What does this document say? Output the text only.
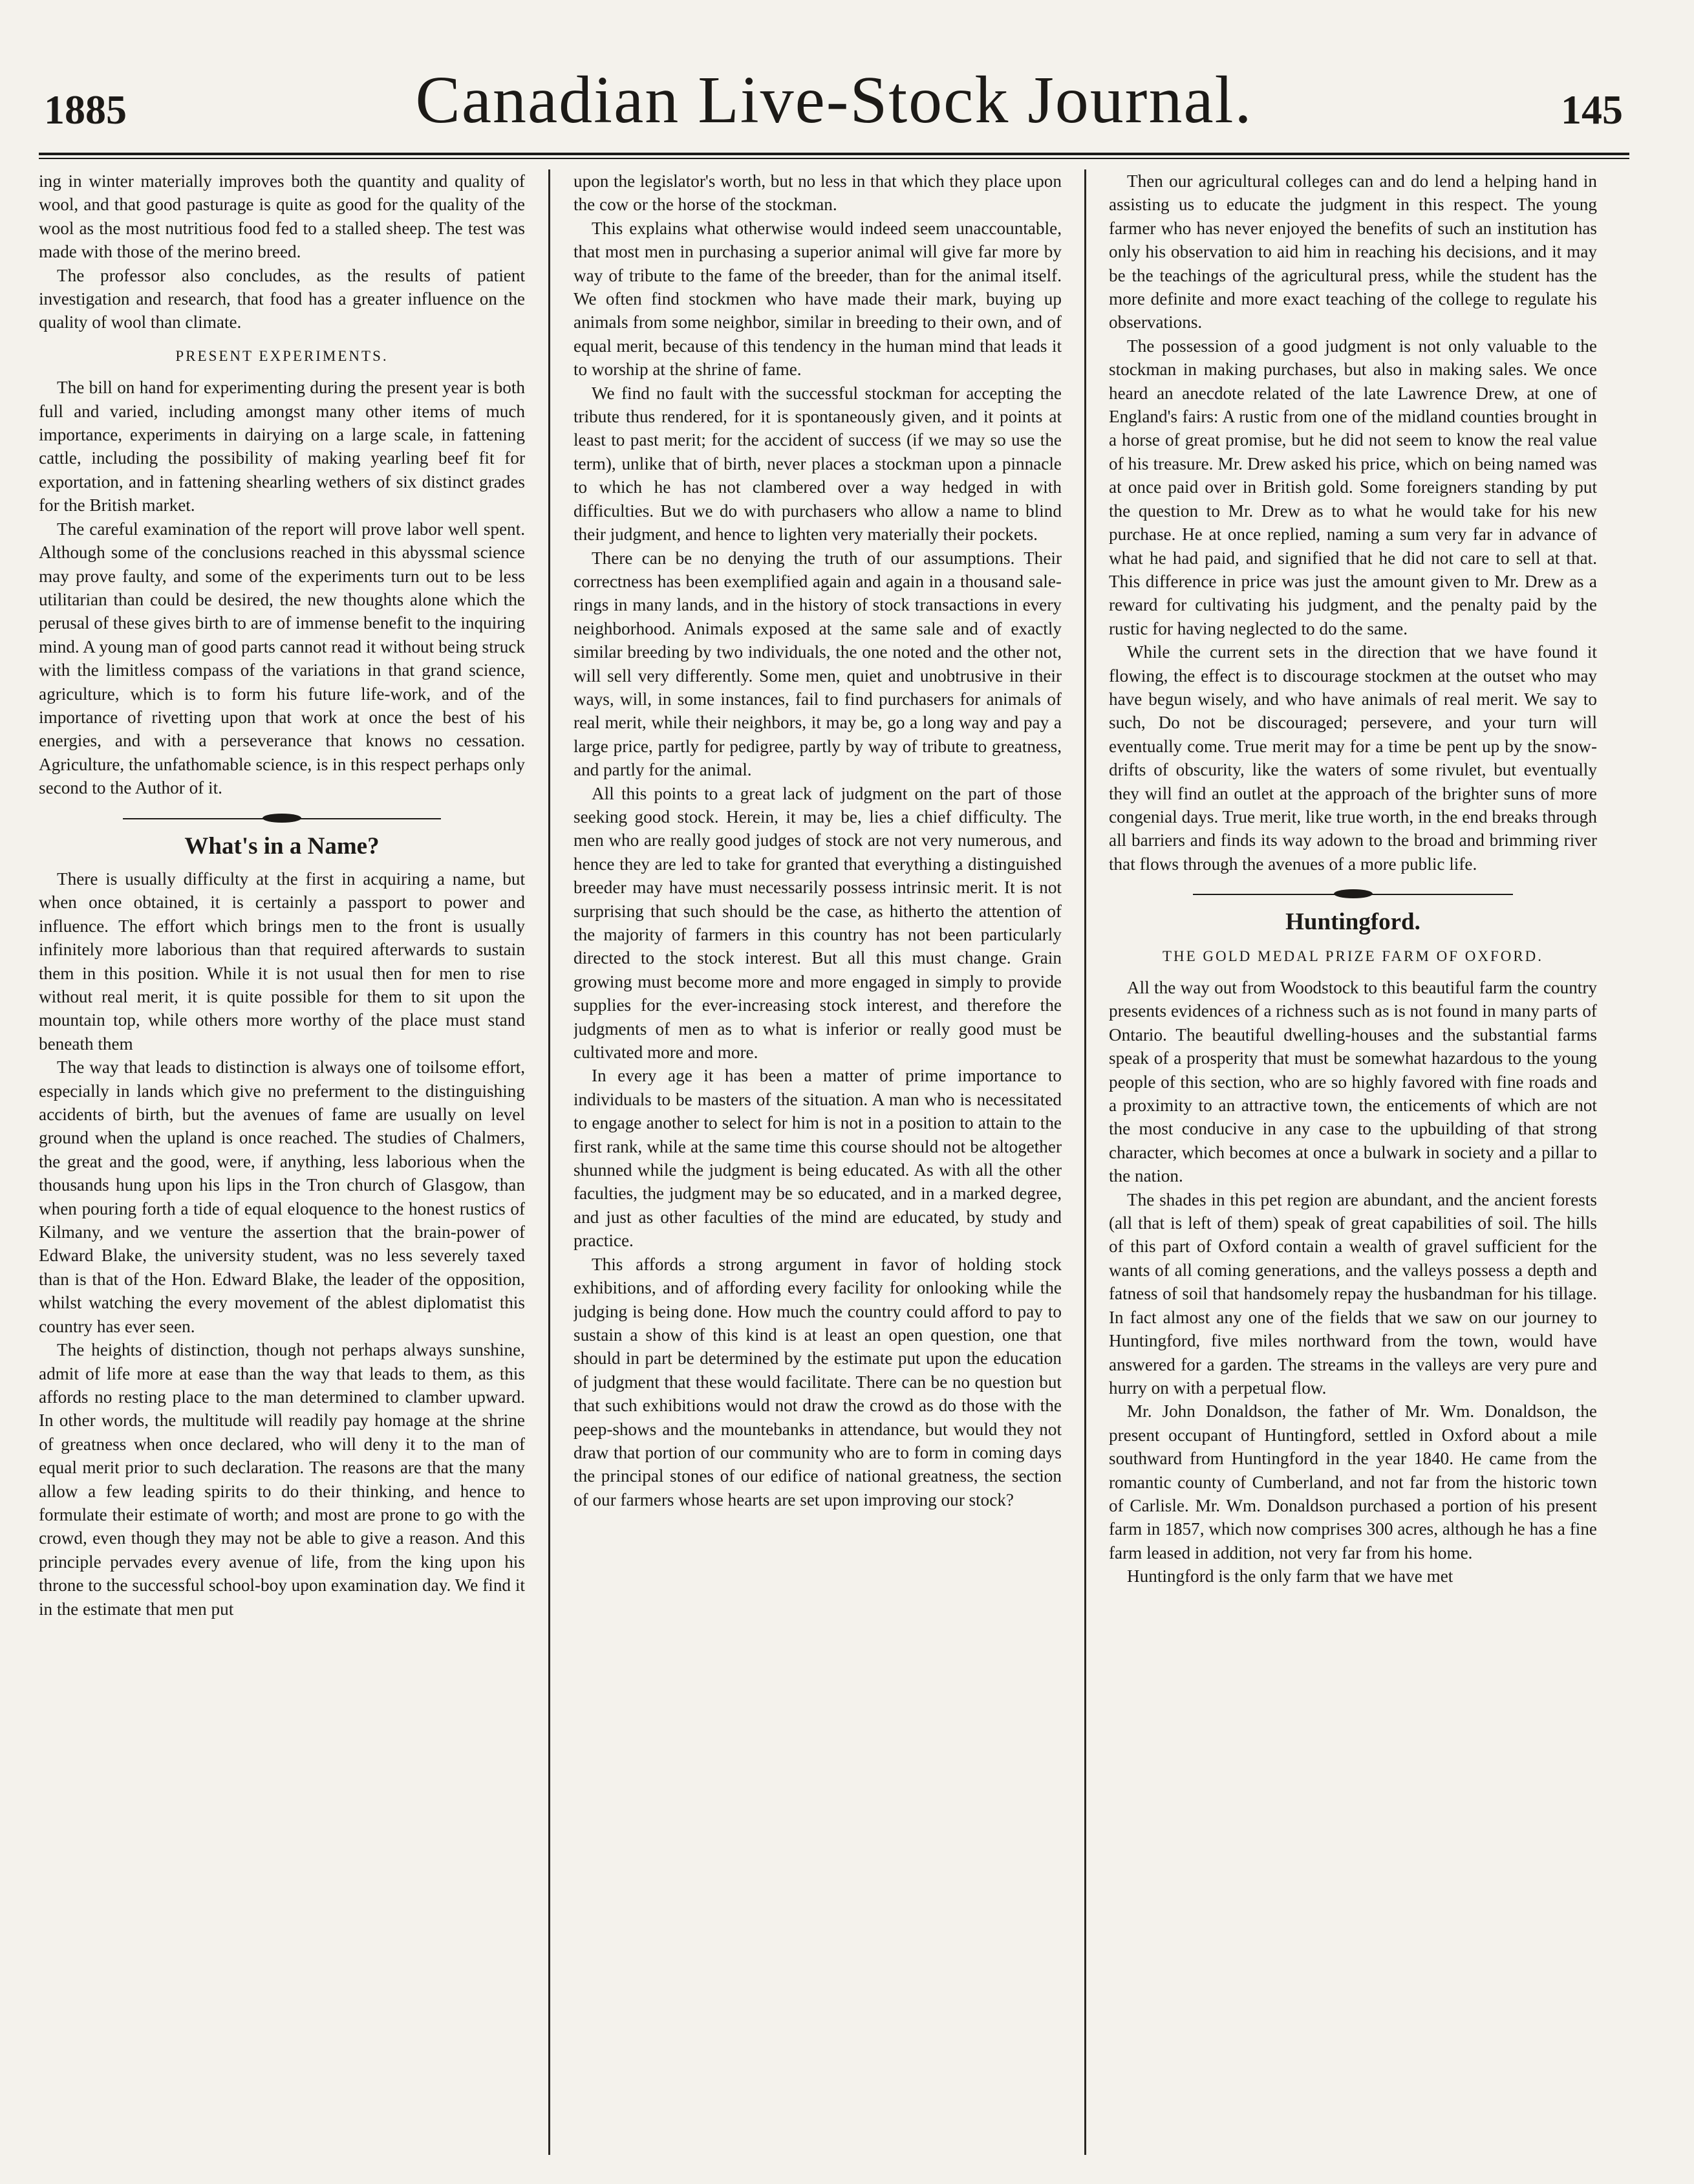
1885	Canadian Live-Stock Journal.	145

ing in winter materially improves both the quantity and quality of wool, and that good pasturage is quite as good for the quality of the wool as the most nutritious food fed to a stalled sheep. The test was made with those of the merino breed.

The professor also concludes, as the results of patient investigation and research, that food has a greater influence on the quality of wool than climate.

PRESENT EXPERIMENTS.

The bill on hand for experimenting during the present year is both full and varied, including amongst many other items of much importance, experiments in dairying on a large scale, in fattening cattle, including the possibility of making yearling beef fit for exportation, and in fattening shearling wethers of six distinct grades for the British market.

The careful examination of the report will prove labor well spent. Although some of the conclusions reached in this abyssmal science may prove faulty, and some of the experiments turn out to be less utilitarian than could be desired, the new thoughts alone which the perusal of these gives birth to are of immense benefit to the inquiring mind. A young man of good parts cannot read it without being struck with the limitless compass of the variations in that grand science, agriculture, which is to form his future life-work, and of the importance of rivetting upon that work at once the best of his energies, and with a perseverance that knows no cessation. Agriculture, the unfathomable science, is in this respect perhaps only second to the Author of it.

What's in a Name?

There is usually difficulty at the first in acquiring a name, but when once obtained, it is certainly a passport to power and influence. The effort which brings men to the front is usually infinitely more laborious than that required afterwards to sustain them in this position. While it is not usual then for men to rise without real merit, it is quite possible for them to sit upon the mountain top, while others more worthy of the place must stand beneath them

The way that leads to distinction is always one of toilsome effort, especially in lands which give no preferment to the distinguishing accidents of birth, but the avenues of fame are usually on level ground when the upland is once reached. The studies of Chalmers, the great and the good, were, if anything, less laborious when the thousands hung upon his lips in the Tron church of Glasgow, than when pouring forth a tide of equal eloquence to the honest rustics of Kilmany, and we venture the assertion that the brain-power of Edward Blake, the university student, was no less severely taxed than is that of the Hon. Edward Blake, the leader of the opposition, whilst watching the every movement of the ablest diplomatist this country has ever seen.

The heights of distinction, though not perhaps always sunshine, admit of life more at ease than the way that leads to them, as this affords no resting place to the man determined to clamber upward. In other words, the multitude will readily pay homage at the shrine of greatness when once declared, who will deny it to the man of equal merit prior to such declaration. The reasons are that the many allow a few leading spirits to do their thinking, and hence to formulate their estimate of worth; and most are prone to go with the crowd, even though they may not be able to give a reason. And this principle pervades every avenue of life, from the king upon his throne to the successful school-boy upon examination day. We find it in the estimate that men put

upon the legislator's worth, but no less in that which they place upon the cow or the horse of the stockman.

This explains what otherwise would indeed seem unaccountable, that most men in purchasing a superior animal will give far more by way of tribute to the fame of the breeder, than for the animal itself. We often find stockmen who have made their mark, buying up animals from some neighbor, similar in breeding to their own, and of equal merit, because of this tendency in the human mind that leads it to worship at the shrine of fame.

We find no fault with the successful stockman for accepting the tribute thus rendered, for it is spontaneously given, and it points at least to past merit; for the accident of success (if we may so use the term), unlike that of birth, never places a stockman upon a pinnacle to which he has not clambered over a way hedged in with difficulties. But we do with purchasers who allow a name to blind their judgment, and hence to lighten very materially their pockets.

There can be no denying the truth of our assumptions. Their correctness has been exemplified again and again in a thousand sale-rings in many lands, and in the history of stock transactions in every neighborhood. Animals exposed at the same sale and of exactly similar breeding by two individuals, the one noted and the other not, will sell very differently. Some men, quiet and unobtrusive in their ways, will, in some instances, fail to find purchasers for animals of real merit, while their neighbors, it may be, go a long way and pay a large price, partly for pedigree, partly by way of tribute to greatness, and partly for the animal.

All this points to a great lack of judgment on the part of those seeking good stock. Herein, it may be, lies a chief difficulty. The men who are really good judges of stock are not very numerous, and hence they are led to take for granted that everything a distinguished breeder may have must necessarily possess intrinsic merit. It is not surprising that such should be the case, as hitherto the attention of the majority of farmers in this country has not been particularly directed to the stock interest. But all this must change. Grain growing must become more and more engaged in simply to provide supplies for the ever-increasing stock interest, and therefore the judgments of men as to what is inferior or really good must be cultivated more and more.

In every age it has been a matter of prime importance to individuals to be masters of the situation. A man who is necessitated to engage another to select for him is not in a position to attain to the first rank, while at the same time this course should not be altogether shunned while the judgment is being educated. As with all the other faculties, the judgment may be so educated, and in a marked degree, and just as other faculties of the mind are educated, by study and practice.

This affords a strong argument in favor of holding stock exhibitions, and of affording every facility for onlooking while the judging is being done. How much the country could afford to pay to sustain a show of this kind is at least an open question, one that should in part be determined by the estimate put upon the education of judgment that these would facilitate. There can be no question but that such exhibitions would not draw the crowd as do those with the peep-shows and the mountebanks in attendance, but would they not draw that portion of our community who are to form in coming days the principal stones of our edifice of national greatness, the section of our farmers whose hearts are set upon improving our stock?

Then our agricultural colleges can and do lend a helping hand in assisting us to educate the judgment in this respect. The young farmer who has never enjoyed the benefits of such an institution has only his observation to aid him in reaching his decisions, and it may be the teachings of the agricultural press, while the student has the more definite and more exact teaching of the college to regulate his observations.

The possession of a good judgment is not only valuable to the stockman in making purchases, but also in making sales. We once heard an anecdote related of the late Lawrence Drew, at one of England's fairs: A rustic from one of the midland counties brought in a horse of great promise, but he did not seem to know the real value of his treasure. Mr. Drew asked his price, which on being named was at once paid over in British gold. Some foreigners standing by put the question to Mr. Drew as to what he would take for his new purchase. He at once replied, naming a sum very far in advance of what he had paid, and signified that he did not care to sell at that. This difference in price was just the amount given to Mr. Drew as a reward for cultivating his judgment, and the penalty paid by the rustic for having neglected to do the same.

While the current sets in the direction that we have found it flowing, the effect is to discourage stockmen at the outset who may have begun wisely, and who have animals of real merit. We say to such, Do not be discouraged; persevere, and your turn will eventually come. True merit may for a time be pent up by the snow-drifts of obscurity, like the waters of some rivulet, but eventually they will find an outlet at the approach of the brighter suns of more congenial days. True merit, like true worth, in the end breaks through all barriers and finds its way adown to the broad and brimming river that flows through the avenues of a more public life.

Huntingford.
THE GOLD MEDAL PRIZE FARM OF OXFORD.

All the way out from Woodstock to this beautiful farm the country presents evidences of a richness such as is not found in many parts of Ontario. The beautiful dwelling-houses and the substantial farms speak of a prosperity that must be somewhat hazardous to the young people of this section, who are so highly favored with fine roads and a proximity to an attractive town, the enticements of which are not the most conducive in any case to the upbuilding of that strong character, which becomes at once a bulwark in society and a pillar to the nation.

The shades in this pet region are abundant, and the ancient forests (all that is left of them) speak of great capabilities of soil. The hills of this part of Oxford contain a wealth of gravel sufficient for the wants of all coming generations, and the valleys possess a depth and fatness of soil that handsomely repay the husbandman for his tillage. In fact almost any one of the fields that we saw on our journey to Huntingford, five miles northward from the town, would have answered for a garden. The streams in the valleys are very pure and hurry on with a perpetual flow.

Mr. John Donaldson, the father of Mr. Wm. Donaldson, the present occupant of Huntingford, settled in Oxford about a mile southward from Huntingford in the year 1840. He came from the romantic county of Cumberland, and not far from the historic town of Carlisle. Mr. Wm. Donaldson purchased a portion of his present farm in 1857, which now comprises 300 acres, although he has a fine farm leased in addition, not very far from his home.

Huntingford is the only farm that we have met
